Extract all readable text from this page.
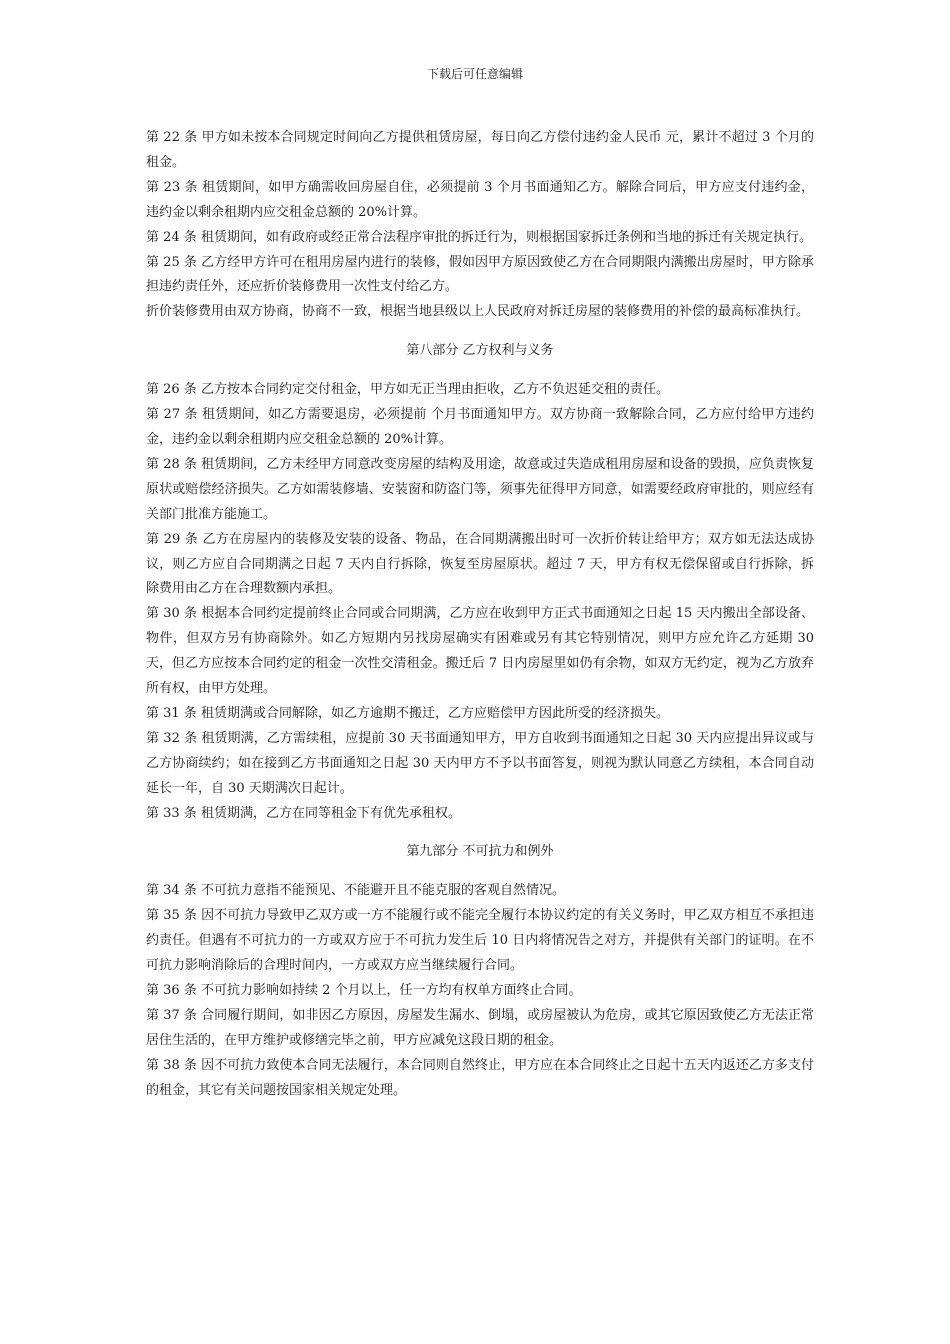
下载后可任意编辑

第 22 条 甲方如未按本合同规定时间向乙方提供租赁房屋，每日向乙方偿付违约金人民币 元，累计不超过 3 个月的租金。

第 23 条 租赁期间，如甲方确需收回房屋自住，必须提前 3 个月书面通知乙方。解除合同后，甲方应支付违约金，违约金以剩余租期内应交租金总额的 20%计算。

第 24 条 租赁期间，如有政府或经正常合法程序审批的拆迁行为，则根据国家拆迁条例和当地的拆迁有关规定执行。

第 25 条 乙方经甲方许可在租用房屋内进行的装修，假如因甲方原因致使乙方在合同期限内满搬出房屋时，甲方除承担违约责任外，还应折价装修费用一次性支付给乙方。

折价装修费用由双方协商，协商不一致，根据当地县级以上人民政府对拆迁房屋的装修费用的补偿的最高标准执行。

第八部分 乙方权利与义务

第 26 条 乙方按本合同约定交付租金，甲方如无正当理由拒收，乙方不负迟延交租的责任。

第 27 条 租赁期间，如乙方需要退房，必须提前 个月书面通知甲方。双方协商一致解除合同，乙方应付给甲方违约金，违约金以剩余租期内应交租金总额的 20%计算。

第 28 条 租赁期间，乙方未经甲方同意改变房屋的结构及用途，故意或过失造成租用房屋和设备的毁损，应负责恢复原状或赔偿经济损失。乙方如需装修墙、安装窗和防盗门等，须事先征得甲方同意，如需要经政府审批的，则应经有关部门批准方能施工。

第 29 条 乙方在房屋内的装修及安装的设备、物品，在合同期满搬出时可一次折价转让给甲方；双方如无法达成协议，则乙方应自合同期满之日起 7 天内自行拆除，恢复至房屋原状。超过 7 天，甲方有权无偿保留或自行拆除，拆除费用由乙方在合理数额内承担。

第 30 条 根据本合同约定提前终止合同或合同期满，乙方应在收到甲方正式书面通知之日起 15 天内搬出全部设备、物件，但双方另有协商除外。如乙方短期内另找房屋确实有困难或另有其它特别情况，则甲方应允许乙方延期 30 天，但乙方应按本合同约定的租金一次性交清租金。搬迁后 7 日内房屋里如仍有余物，如双方无约定，视为乙方放弃所有权，由甲方处理。

第 31 条 租赁期满或合同解除，如乙方逾期不搬迁，乙方应赔偿甲方因此所受的经济损失。

第 32 条 租赁期满，乙方需续租，应提前 30 天书面通知甲方，甲方自收到书面通知之日起 30 天内应提出异议或与乙方协商续约；如在接到乙方书面通知之日起 30 天内甲方不予以书面答复，则视为默认同意乙方续租，本合同自动延长一年，自 30 天期满次日起计。

第 33 条 租赁期满，乙方在同等租金下有优先承租权。

第九部分 不可抗力和例外

第 34 条 不可抗力意指不能预见、不能避开且不能克服的客观自然情况。

第 35 条 因不可抗力导致甲乙双方或一方不能履行或不能完全履行本协议约定的有关义务时，甲乙双方相互不承担违约责任。但遇有不可抗力的一方或双方应于不可抗力发生后 10 日内将情况告之对方，并提供有关部门的证明。在不可抗力影响消除后的合理时间内，一方或双方应当继续履行合同。

第 36 条 不可抗力影响如持续 2 个月以上，任一方均有权单方面终止合同。

第 37 条 合同履行期间，如非因乙方原因，房屋发生漏水、倒塌，或房屋被认为危房，或其它原因致使乙方无法正常居住生活的，在甲方维护或修缮完毕之前，甲方应减免这段日期的租金。

第 38 条 因不可抗力致使本合同无法履行，本合同则自然终止，甲方应在本合同终止之日起十五天内返还乙方多支付的租金，其它有关问题按国家相关规定处理。
